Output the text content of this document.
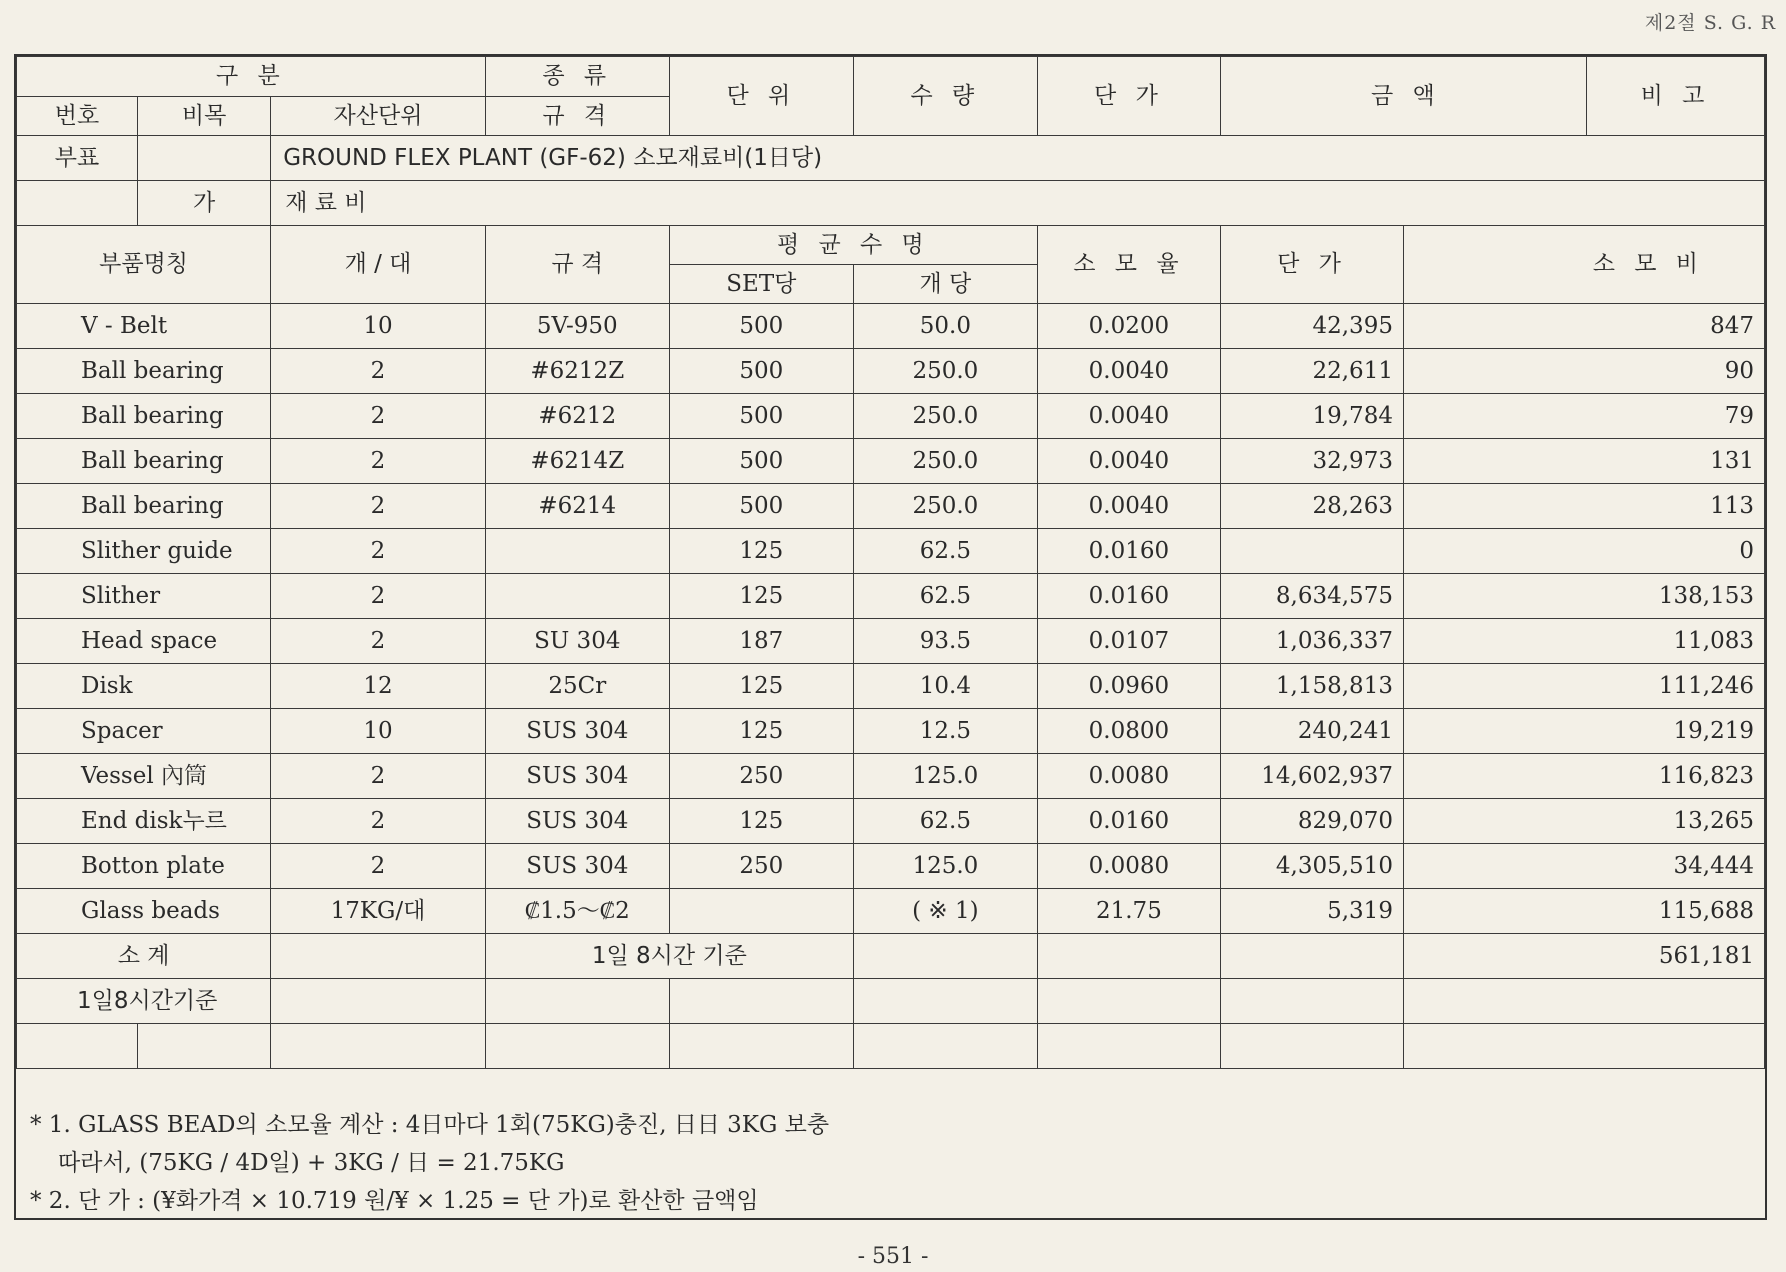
제2절 S. G. R
구 분			종 류	단 위	수 량	단 가	금 액		비 고
번호	비목	자산단위	규 격						
부표		GROUND FLEX PLANT (GF-62) 소모재료비(1日당)							
	가	재 료 비							
부품명칭		개 / 대	규 격	평 균 수 명		소 모 율	단 가	소 모 비	
				SET당	개 당				
V - Belt		10	5V-950	500	50.0	0.0200	42,395	847	
Ball bearing		2	#6212Z	500	250.0	0.0040	22,611	90	
Ball bearing		2	#6212	500	250.0	0.0040	19,784	79	
Ball bearing		2	#6214Z	500	250.0	0.0040	32,973	131	
Ball bearing		2	#6214	500	250.0	0.0040	28,263	113	
Slither guide		2		125	62.5	0.0160		0	
Slither		2		125	62.5	0.0160	8,634,575	138,153	
Head space		2	SU 304	187	93.5	0.0107	1,036,337	11,083	
Disk		12	25Cr	125	10.4	0.0960	1,158,813	111,246	
Spacer		10	SUS 304	125	12.5	0.0800	240,241	19,219	
Vessel 內筒		2	SUS 304	250	125.0	0.0080	14,602,937	116,823	
End disk누르		2	SUS 304	125	62.5	0.0160	829,070	13,265	
Botton plate		2	SUS 304	250	125.0	0.0080	4,305,510	34,444	
Glass beads		17KG/대	₡1.5～₡2		( ※ 1)	21.75	5,319	115,688	
소 계			1일 8시간 기준					561,181	
1일8시간기준									

* 1. GLASS BEAD의 소모율 계산 : 4日마다 1회(75KG)충진, 日日 3KG 보충
따라서, (75KG / 4D일) + 3KG / 日 = 21.75KG
* 2. 단 가 : (¥화가격 × 10.719 원/¥ × 1.25 = 단 가)로 환산한 금액임
- 551 -
